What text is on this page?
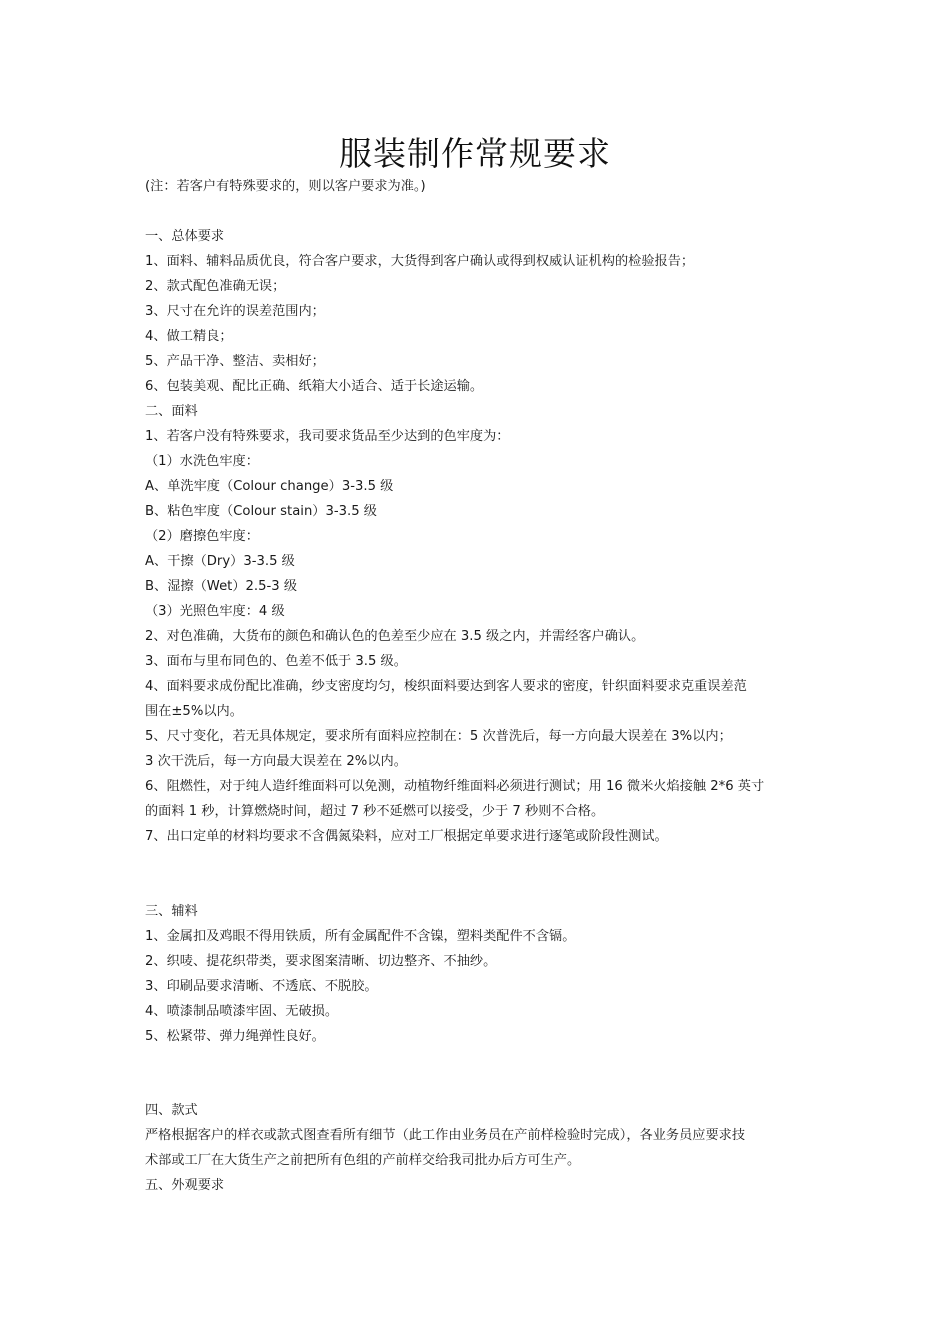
服装制作常规要求
(注：若客户有特殊要求的，则以客户要求为准。)
一、总体要求
1、面料、辅料品质优良，符合客户要求，大货得到客户确认或得到权威认证机构的检验报告；
2、款式配色准确无误；
3、尺寸在允许的误差范围内；
4、做工精良；
5、产品干净、整洁、卖相好；
6、包装美观、配比正确、纸箱大小适合、适于长途运输。
二、面料
1、若客户没有特殊要求，我司要求货品至少达到的色牢度为：
（1）水洗色牢度：
A、单洗牢度（Colour change）3-3.5 级
B、粘色牢度（Colour stain）3-3.5 级
（2）磨擦色牢度：
A、干擦（Dry）3-3.5 级
B、湿擦（Wet）2.5-3 级
（3）光照色牢度：4 级
2、对色准确，大货布的颜色和确认色的色差至少应在 3.5 级之内，并需经客户确认。
3、面布与里布同色的、色差不低于 3.5 级。
4、面料要求成份配比准确，纱支密度均匀，梭织面料要达到客人要求的密度，针织面料要求克重误差范
围在±5%以内。
5、尺寸变化，若无具体规定，要求所有面料应控制在：5 次普洗后，每一方向最大误差在 3%以内；
3 次干洗后，每一方向最大误差在 2%以内。
6、阻燃性，对于纯人造纤维面料可以免测，动植物纤维面料必须进行测试；用 16 微米火焰接触 2*6 英寸
的面料 1 秒，计算燃烧时间，超过 7 秒不延燃可以接受，少于 7 秒则不合格。
7、出口定单的材料均要求不含偶氮染料，应对工厂根据定单要求进行逐笔或阶段性测试。
三、辅料
1、金属扣及鸡眼不得用铁质，所有金属配件不含镍，塑料类配件不含镉。
2、织唛、提花织带类，要求图案清晰、切边整齐、不抽纱。
3、印刷品要求清晰、不透底、不脱胶。
4、喷漆制品喷漆牢固、无破损。
5、松紧带、弹力绳弹性良好。
四、款式
严格根据客户的样衣或款式图查看所有细节（此工作由业务员在产前样检验时完成），各业务员应要求技
术部或工厂在大货生产之前把所有色组的产前样交给我司批办后方可生产。
五、外观要求
